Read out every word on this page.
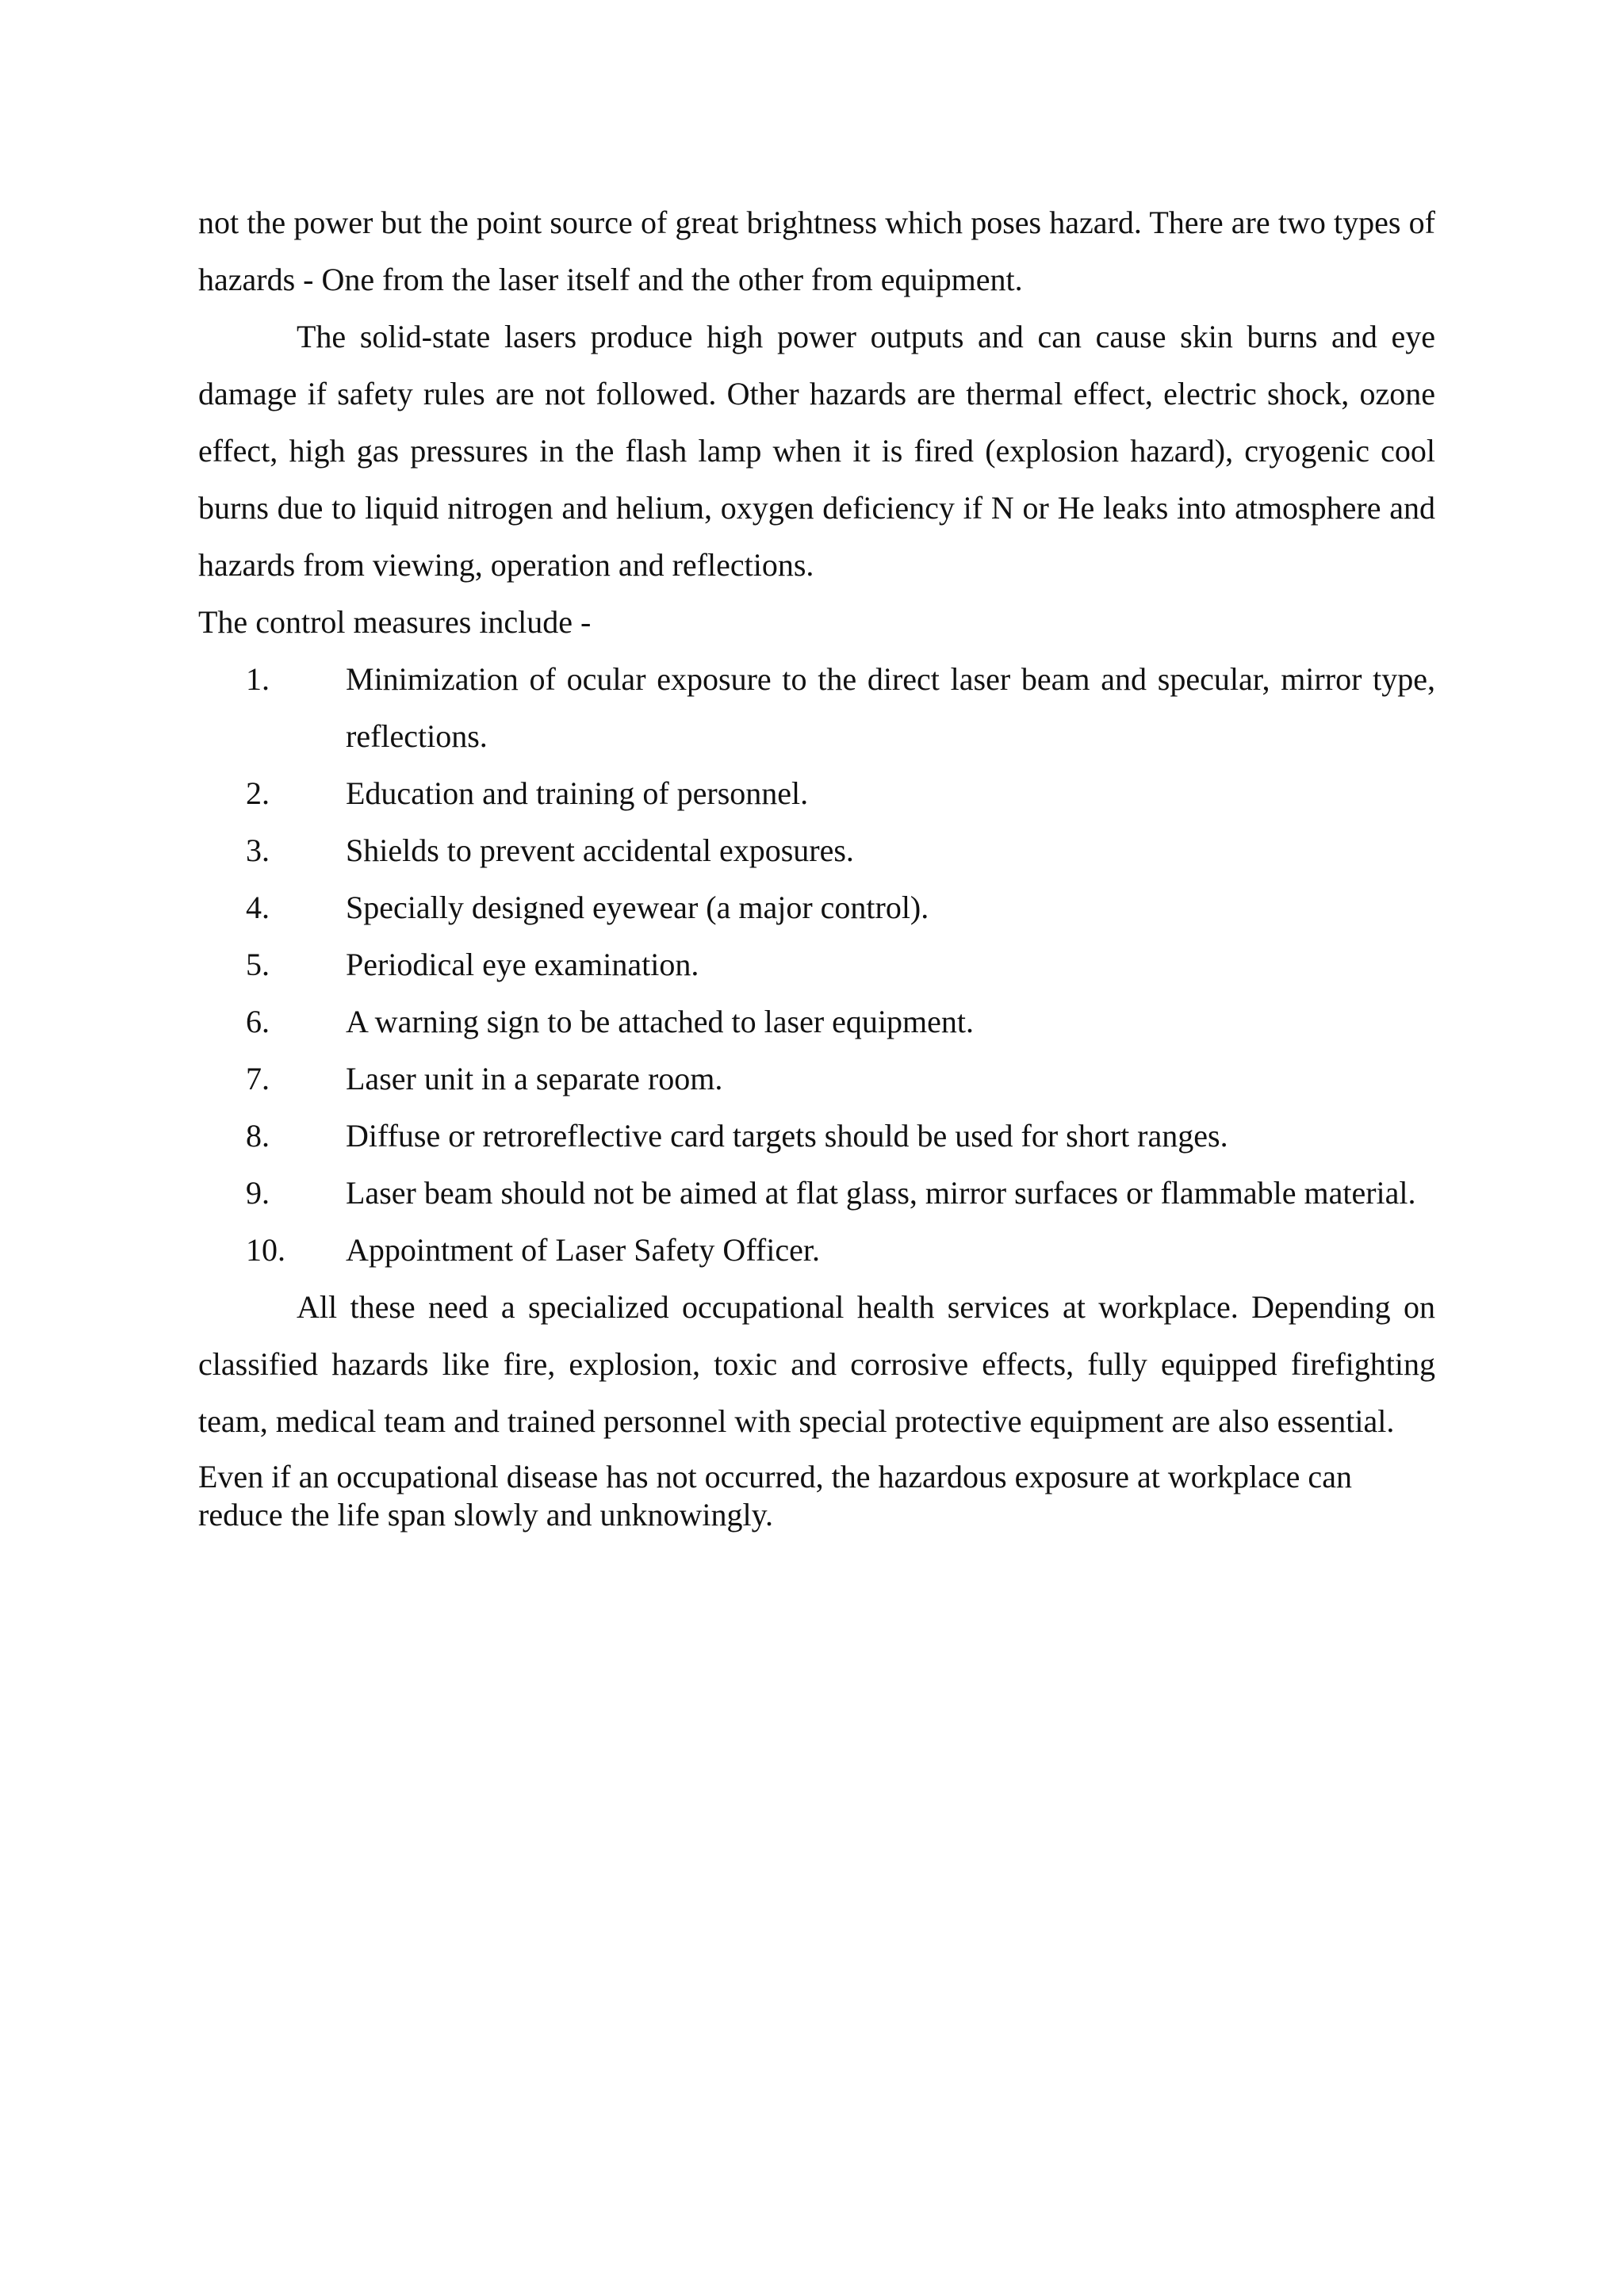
not the power but the point source of great brightness which poses hazard. There are two types of hazards - One from the laser itself and the other from equipment.

The solid-state lasers produce high power outputs and can cause skin burns and eye damage if safety rules are not followed. Other hazards are thermal effect, electric shock, ozone effect, high gas pressures in the flash lamp when it is fired (explosion hazard), cryogenic cool burns due to liquid nitrogen and helium, oxygen deficiency if N or He leaks into atmosphere and hazards from viewing, operation and reflections.

The control measures include -

1.	Minimization of ocular exposure to the direct laser beam and specular, mirror type, reflections.
2.	Education and training of personnel.
3.	Shields to prevent accidental exposures.
4.	Specially designed eyewear (a major control).
5.	Periodical eye examination.
6.	A warning sign to be attached to laser equipment.
7.	Laser unit in a separate room.
8.	Diffuse or retroreflective card targets should be used for short ranges.
9.	Laser beam should not be aimed at flat glass, mirror surfaces or flammable material.
10. Appointment of Laser Safety Officer.

All these need a specialized occupational health services at workplace. Depending on classified hazards like fire, explosion, toxic and corrosive effects, fully equipped firefighting team, medical team and trained personnel with special protective equipment are also essential.

Even if an occupational disease has not occurred, the hazardous exposure at workplace can reduce the life span slowly and unknowingly.
